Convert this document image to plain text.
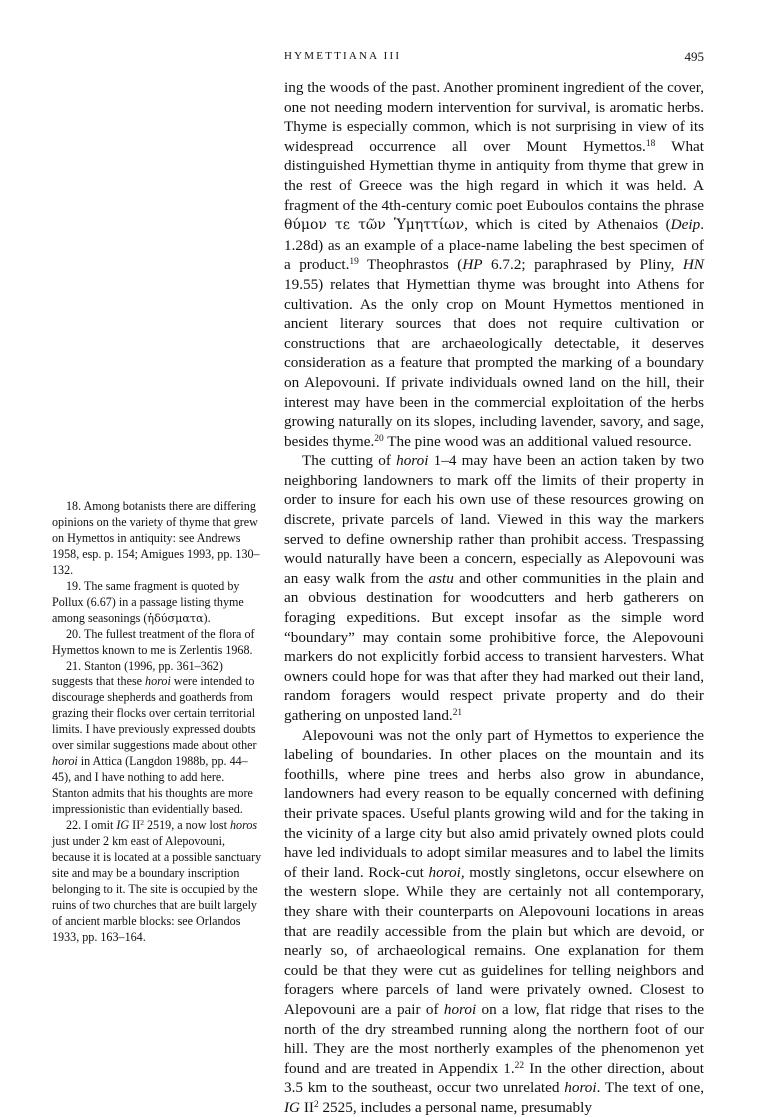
HYMETTIANA III	495

ing the woods of the past. Another prominent ingredient of the cover, one not needing modern intervention for survival, is aromatic herbs. Thyme is especially common, which is not surprising in view of its widespread occurrence all over Mount Hymettos.$^{18}$ What distinguished Hymettian thyme in antiquity from thyme that grew in the rest of Greece was the high regard in which it was held. A fragment of the 4th-century comic poet Euboulos contains the phrase θύμον τε τῶν Ὑμηττίων, which is cited by Athenaios (Deip. 1.28d) as an example of a place-name labeling the best specimen of a product.$^{19}$ Theophrastos (HP 6.7.2; paraphrased by Pliny, HN 19.55) relates that Hymettian thyme was brought into Athens for cultivation. As the only crop on Mount Hymettos mentioned in ancient literary sources that does not require cultivation or constructions that are archaeologically detectable, it deserves consideration as a feature that prompted the marking of a boundary on Alepovouni. If private individuals owned land on the hill, their interest may have been in the commercial exploitation of the herbs growing naturally on its slopes, including lavender, savory, and sage, besides thyme.$^{20}$ The pine wood was an additional valued resource.

The cutting of horoi 1–4 may have been an action taken by two neighboring landowners to mark off the limits of their property in order to insure for each his own use of these resources growing on discrete, private parcels of land. Viewed in this way the markers served to define ownership rather than prohibit access. Trespassing would naturally have been a concern, especially as Alepovouni was an easy walk from the astu and other communities in the plain and an obvious destination for woodcutters and herb gatherers on foraging expeditions. But except insofar as the simple word “boundary” may contain some prohibitive force, the Alepovouni markers do not explicitly forbid access to transient harvesters. What owners could hope for was that after they had marked out their land, random foragers would respect private property and do their gathering on unposted land.$^{21}$

Alepovouni was not the only part of Hymettos to experience the labeling of boundaries. In other places on the mountain and its foothills, where pine trees and herbs also grow in abundance, landowners had every reason to be equally concerned with defining their private spaces. Useful plants growing wild and for the taking in the vicinity of a large city but also amid privately owned plots could have led individuals to adopt similar measures and to label the limits of their land. Rock-cut horoi, mostly singletons, occur elsewhere on the western slope. While they are certainly not all contemporary, they share with their counterparts on Alepovouni locations in areas that are readily accessible from the plain but which are devoid, or nearly so, of archaeological remains. One explanation for them could be that they were cut as guidelines for telling neighbors and foragers where parcels of land were privately owned. Closest to Alepovouni are a pair of horoi on a low, flat ridge that rises to the north of the dry streambed running along the northern foot of our hill. They are the most northerly examples of the phenomenon yet found and are treated in Appendix 1.22 In the other direction, about 3.5 km to the southeast, occur two unrelated horoi. The text of one, IG $II^2$ 2525, includes a personal name, presumably

18. Among botanists there are differing opinions on the variety of thyme that grew on Hymettos in antiquity: see Andrews 1958, esp. p. 154; Amigues 1993, pp. 130–132.

19. The same fragment is quoted by Pollux (6.67) in a passage listing thyme among seasonings (ἡδύσματα).

20. The fullest treatment of the flora of Hymettos known to me is Zerlentis 1968.

21. Stanton (1996, pp. 361–362) suggests that these horoi were intended to discourage shepherds and goatherds from grazing their flocks over certain territorial limits. I have previously expressed doubts over similar suggestions made about other horoi in Attica (Langdon 1988b, pp. 44–45), and I have nothing to add here. Stanton admits that his thoughts are more impressionistic than evidentially based.

22. I omit IG $II^2$ 2519, a now lost horos just under 2 km east of Alepovouni, because it is located at a possible sanctuary site and may be a boundary inscription belonging to it. The site is occupied by the ruins of two churches that are built largely of ancient marble blocks: see Orlandos 1933, pp. 163–164.
